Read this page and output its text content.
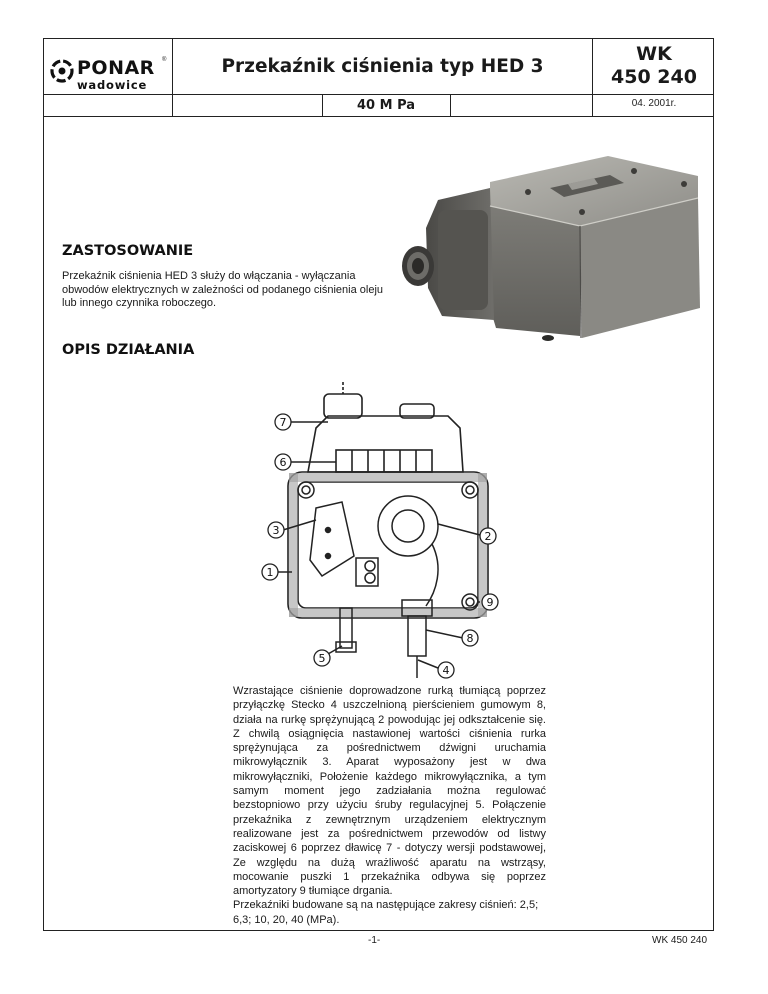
PONAR ®
wadowice
Przekaźnik ciśnienia typ HED 3
WK
450 240
40 M Pa	04. 2001r.
ZASTOSOWANIE

Przekaźnik ciśnienia HED 3 służy do włączania - wyłączania obwodów elektrycznych w zależności od podanego ciśnienia oleju lub innego czynnika roboczego.

OPIS DZIAŁANIA
7
6
3
1
2
9
8
4
5
Wzrastające ciśnienie doprowadzone rurką tłumiącą poprzez przyłączkę Stecko 4 uszczelnioną pierścieniem gumowym 8, działa na rurkę sprężynującą 2 powodując jej odkształcenie się. Z chwilą osiągnięcia nastawionej wartości ciśnienia rurka sprężynująca za pośrednictwem dźwigni uruchamia mikrowyłącznik 3. Aparat wyposażony jest w dwa mikrowyłączniki, Położenie każdego mikrowyłącznika, a tym samym moment jego zadziałania można regulować bezstopniowo przy użyciu śruby regulacyjnej 5. Połączenie przekaźnika z zewnętrznym urządzeniem elektrycznym realizowane jest za pośrednictwem przewodów od listwy zaciskowej 6 poprzez dławicę 7 - dotyczy wersji podstawowej, Ze względu na dużą wrażliwość aparatu na wstrząsy, mocowanie puszki 1 przekaźnika odbywa się poprzez amortyzatory 9 tłumiące drgania.
Przekaźniki budowane są na następujące zakresy ciśnień: 2,5; 6,3; 10, 20, 40 (MPa).
-1-	WK 450 240
